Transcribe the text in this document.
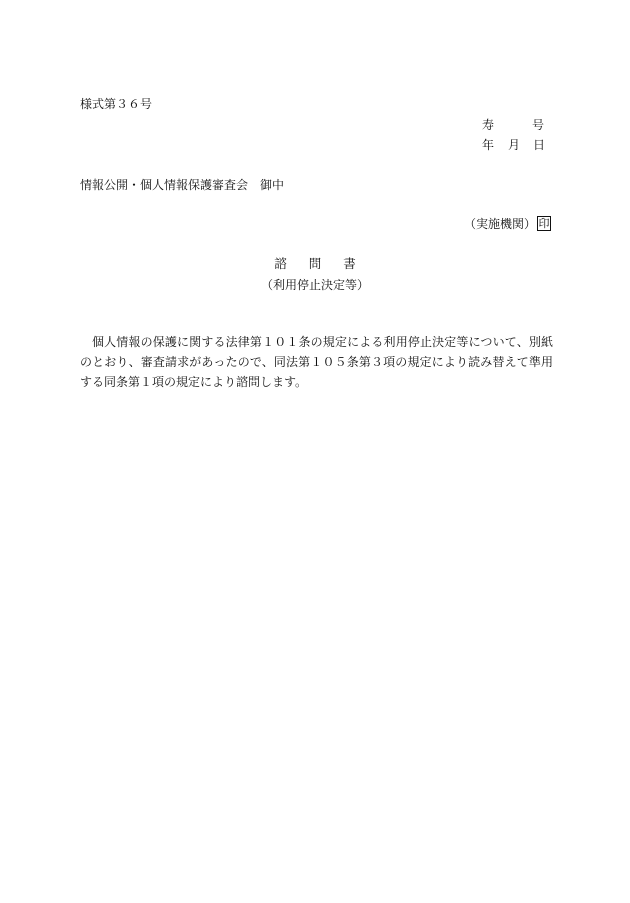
様式第３６号
寿	号
年 月 日
情報公開・個人情報保護審査会 御中
（実施機関） 印
諮 問 書
（利用停止決定等）
個人情報の保護に関する法律第１０１条の規定による利用停止決定等について、別紙のとおり、審査請求があったので、同法第１０５条第３項の規定により読み替えて準用する同条第１項の規定により諮問します。
